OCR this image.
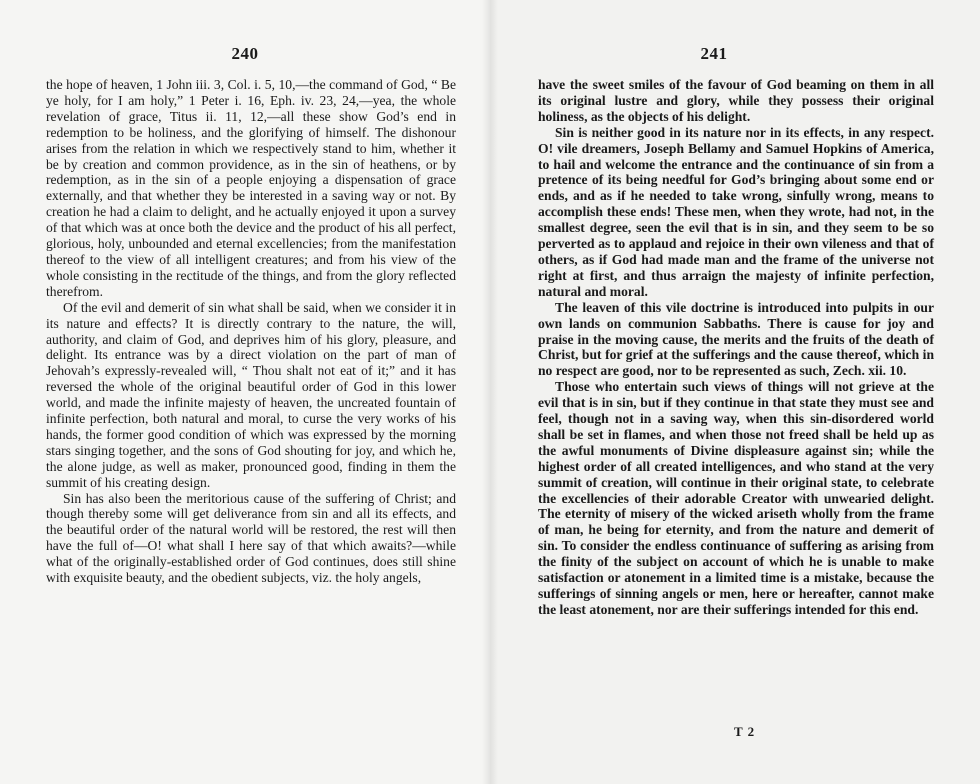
240

the hope of heaven, 1 John iii. 3, Col. i. 5, 10,—the command of God, “ Be ye holy, for I am holy,” 1 Peter i. 16, Eph. iv. 23, 24,—yea, the whole revelation of grace, Titus ii. 11, 12,—all these show God’s end in redemption to be holiness, and the glorifying of himself. The dishonour arises from the relation in which we respectively stand to him, whether it be by creation and common providence, as in the sin of heathens, or by redemption, as in the sin of a people enjoying a dispensation of grace externally, and that whether they be interested in a saving way or not. By creation he had a claim to delight, and he actually enjoyed it upon a survey of that which was at once both the device and the product of his all perfect, glorious, holy, unbounded and eternal excellencies; from the manifestation thereof to the view of all intelligent creatures; and from his view of the whole consisting in the rectitude of the things, and from the glory reflected therefrom.

Of the evil and demerit of sin what shall be said, when we consider it in its nature and effects? It is directly contrary to the nature, the will, authority, and claim of God, and deprives him of his glory, pleasure, and delight. Its entrance was by a direct violation on the part of man of Jehovah’s expressly-revealed will, “ Thou shalt not eat of it;” and it has reversed the whole of the original beautiful order of God in this lower world, and made the infinite majesty of heaven, the uncreated fountain of infinite perfection, both natural and moral, to curse the very works of his hands, the former good condition of which was expressed by the morning stars singing together, and the sons of God shouting for joy, and which he, the alone judge, as well as maker, pronounced good, finding in them the summit of his creating design.

Sin has also been the meritorious cause of the suffering of Christ; and though thereby some will get deliverance from sin and all its effects, and the beautiful order of the natural world will be restored, the rest will then have the full of—O! what shall I here say of that which awaits?—while what of the originally-established order of God continues, does still shine with exquisite beauty, and the obedient subjects, viz. the holy angels,

241

have the sweet smiles of the favour of God beaming on them in all its original lustre and glory, while they possess their original holiness, as the objects of his delight.

Sin is neither good in its nature nor in its effects, in any respect. O! vile dreamers, Joseph Bellamy and Samuel Hopkins of America, to hail and welcome the entrance and the continuance of sin from a pretence of its being needful for God’s bringing about some end or ends, and as if he needed to take wrong, sinfully wrong, means to accomplish these ends! These men, when they wrote, had not, in the smallest degree, seen the evil that is in sin, and they seem to be so perverted as to applaud and rejoice in their own vileness and that of others, as if God had made man and the frame of the universe not right at first, and thus arraign the majesty of infinite perfection, natural and moral.

The leaven of this vile doctrine is introduced into pulpits in our own lands on communion Sabbaths. There is cause for joy and praise in the moving cause, the merits and the fruits of the death of Christ, but for grief at the sufferings and the cause thereof, which in no respect are good, nor to be represented as such, Zech. xii. 10.

Those who entertain such views of things will not grieve at the evil that is in sin, but if they continue in that state they must see and feel, though not in a saving way, when this sin-disordered world shall be set in flames, and when those not freed shall be held up as the awful monuments of Divine displeasure against sin; while the highest order of all created intelligences, and who stand at the very summit of creation, will continue in their original state, to celebrate the excellencies of their adorable Creator with unwearied delight. The eternity of misery of the wicked ariseth wholly from the frame of man, he being for eternity, and from the nature and demerit of sin. To consider the endless continuance of suffering as arising from the finity of the subject on account of which he is unable to make satisfaction or atonement in a limited time is a mistake, because the sufferings of sinning angels or men, here or hereafter, cannot make the least atonement, nor are their sufferings intended for this end.

T 2
